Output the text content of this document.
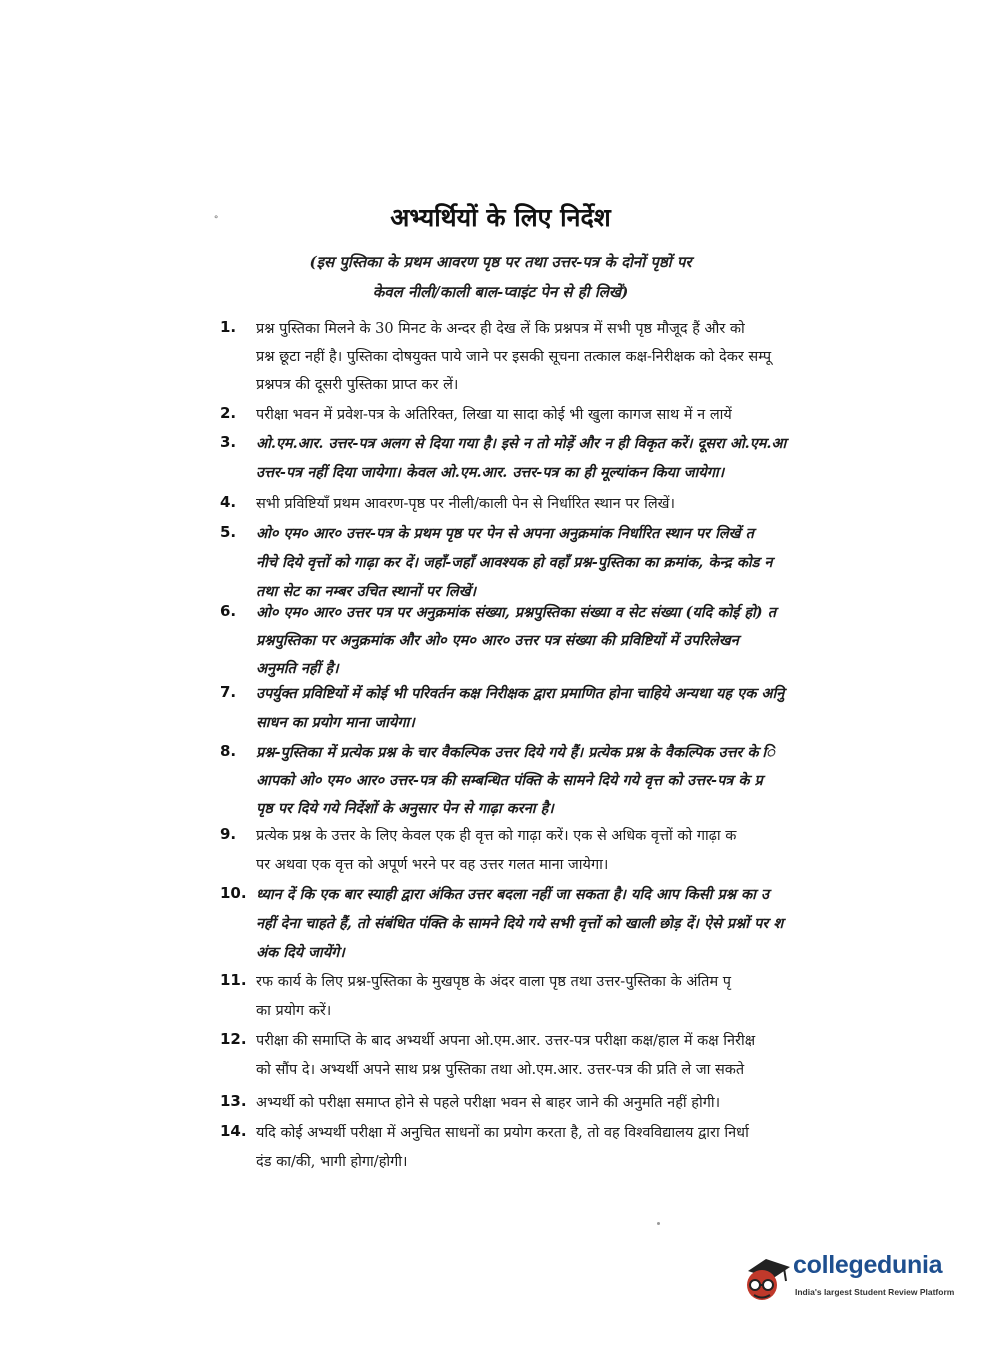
॰	अभ्यर्थियों के लिए निर्देश
(इस पुस्तिका के प्रथम आवरण पृष्ठ पर तथा उत्तर-पत्र के दोनों पृष्ठों पर
केवल नीली/काली बाल-प्वाइंट पेन से ही लिखें)
1.	प्रश्न पुस्तिका मिलने के 30 मिनट के अन्दर ही देख लें कि प्रश्नपत्र में सभी पृष्ठ मौजूद हैं और को
प्रश्न छूटा नहीं है। पुस्तिका दोषयुक्त पाये जाने पर इसकी सूचना तत्काल कक्ष-निरीक्षक को देकर सम्पू
प्रश्नपत्र की दूसरी पुस्तिका प्राप्त कर लें।
2.	परीक्षा भवन में प्रवेश-पत्र के अतिरिक्त, लिखा या सादा कोई भी खुला कागज साथ में न लायें
3.	ओ.एम.आर. उत्तर-पत्र अलग से दिया गया है। इसे न तो मोड़ें और न ही विकृत करें। दूसरा ओ.एम.आ
उत्तर-पत्र नहीं दिया जायेगा। केवल ओ.एम.आर. उत्तर-पत्र का ही मूल्यांकन किया जायेगा।
4.	सभी प्रविष्टियाँ प्रथम आवरण-पृष्ठ पर नीली/काली पेन से निर्धारित स्थान पर लिखें।
5.	ओ० एम० आर० उत्तर-पत्र के प्रथम पृष्ठ पर पेन से अपना अनुक्रमांक निर्धारित स्थान पर लिखें त
नीचे दिये वृत्तों को गाढ़ा कर दें। जहाँ-जहाँ आवश्यक हो वहाँ प्रश्न-पुस्तिका का क्रमांक, केन्द्र कोड न
तथा सेट का नम्बर उचित स्थानों पर लिखें।
6.	ओ० एम० आर० उत्तर पत्र पर अनुक्रमांक संख्या, प्रश्नपुस्तिका संख्या व सेट संख्या (यदि कोई हो) त
प्रश्नपुस्तिका पर अनुक्रमांक और ओ० एम० आर० उत्तर पत्र संख्या की प्रविष्टियों में उपरिलेखन
अनुमति नहीं है।
7.	उपर्युक्त प्रविष्टियों में कोई भी परिवर्तन कक्ष निरीक्षक द्वारा प्रमाणित होना चाहिये अन्यथा यह एक अनुि
साधन का प्रयोग माना जायेगा।
8.	प्रश्न-पुस्तिका में प्रत्येक प्रश्न के चार वैकल्पिक उत्तर दिये गये हैं। प्रत्येक प्रश्न के वैकल्पिक उत्तर के ि
आपको ओ० एम० आर० उत्तर-पत्र की सम्बन्धित पंक्ति के सामने दिये गये वृत्त को उत्तर-पत्र के प्र
पृष्ठ पर दिये गये निर्देशों के अनुसार पेन से गाढ़ा करना है।
9.	प्रत्येक प्रश्न के उत्तर के लिए केवल एक ही वृत्त को गाढ़ा करें। एक से अधिक वृत्तों को गाढ़ा क
पर अथवा एक वृत्त को अपूर्ण भरने पर वह उत्तर गलत माना जायेगा।
10. ध्यान दें कि एक बार स्याही द्वारा अंकित उत्तर बदला नहीं जा सकता है। यदि आप किसी प्रश्न का उ
नहीं देना चाहते हैं, तो संबंधित पंक्ति के सामने दिये गये सभी वृत्तों को खाली छोड़ दें। ऐसे प्रश्नों पर श
अंक दिये जायेंगे।
11. रफ कार्य के लिए प्रश्न-पुस्तिका के मुखपृष्ठ के अंदर वाला पृष्ठ तथा उत्तर-पुस्तिका के अंतिम पृ
का प्रयोग करें।
12. परीक्षा की समाप्ति के बाद अभ्यर्थी अपना ओ.एम.आर. उत्तर-पत्र परीक्षा कक्ष/हाल में कक्ष निरीक्ष
को सौंप दे। अभ्यर्थी अपने साथ प्रश्न पुस्तिका तथा ओ.एम.आर. उत्तर-पत्र की प्रति ले जा सकते
13. अभ्यर्थी को परीक्षा समाप्त होने से पहले परीक्षा भवन से बाहर जाने की अनुमति नहीं होगी।
14. यदि कोई अभ्यर्थी परीक्षा में अनुचित साधनों का प्रयोग करता है, तो वह विश्वविद्यालय द्वारा निर्धा
दंड का/की, भागी होगा/होगी।
collegedunia
India's largest Student Review Platform
